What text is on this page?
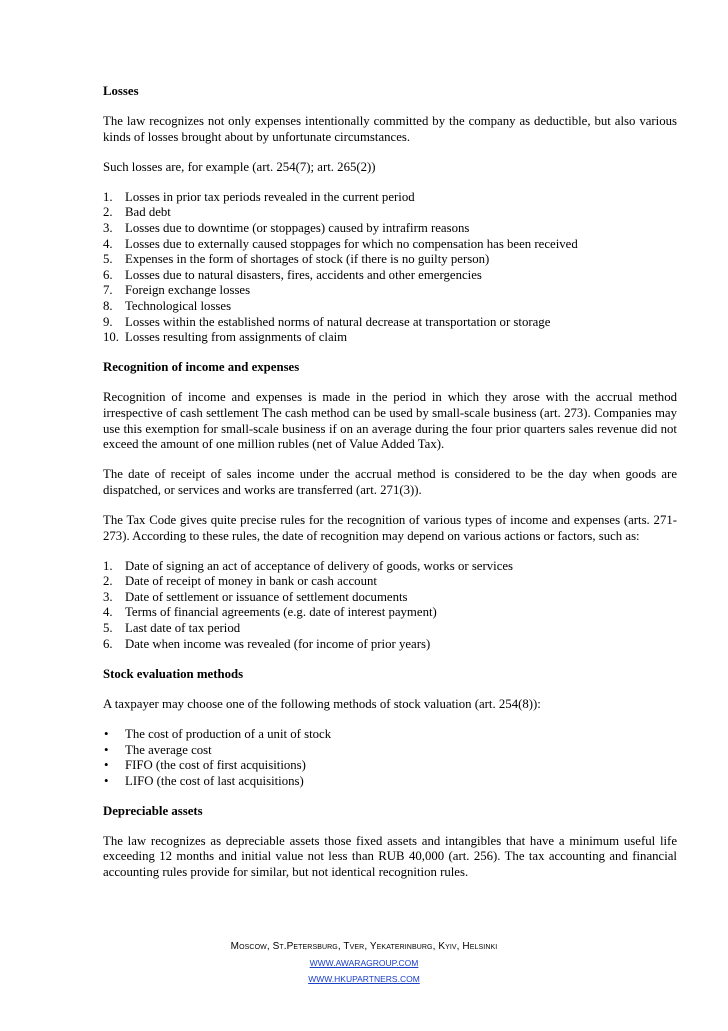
Losses

The law recognizes not only expenses intentionally committed by the company as deductible, but also various kinds of losses brought about by unfortunate circumstances.

Such losses are, for example (art. 254(7); art. 265(2))

1. Losses in prior tax periods revealed in the current period
2. Bad debt
3. Losses due to downtime (or stoppages) caused by intrafirm reasons
4. Losses due to externally caused stoppages for which no compensation has been received
5. Expenses in the form of shortages of stock (if there is no guilty person)
6. Losses due to natural disasters, fires, accidents and other emergencies
7. Foreign exchange losses
8. Technological losses
9. Losses within the established norms of natural decrease at transportation or storage
10. Losses resulting from assignments of claim
Recognition of income and expenses

Recognition of income and expenses is made in the period in which they arose with the accrual method irrespective of cash settlement The cash method can be used by small-scale business (art. 273). Companies may use this exemption for small-scale business if on an average during the four prior quarters sales revenue did not exceed the amount of one million rubles (net of Value Added Tax).

The date of receipt of sales income under the accrual method is considered to be the day when goods are dispatched, or services and works are transferred (art. 271(3)).

The Tax Code gives quite precise rules for the recognition of various types of income and expenses (arts. 271-273). According to these rules, the date of recognition may depend on various actions or factors, such as:

1. Date of signing an act of acceptance of delivery of goods, works or services
2. Date of receipt of money in bank or cash account
3. Date of settlement or issuance of settlement documents
4. Terms of financial agreements (e.g. date of interest payment)
5. Last date of tax period
6. Date when income was revealed (for income of prior years)
Stock evaluation methods

A taxpayer may choose one of the following methods of stock valuation (art. 254(8)):

• The cost of production of a unit of stock
• The average cost
• FIFO (the cost of first acquisitions)
• LIFO (the cost of last acquisitions)
Depreciable assets

The law recognizes as depreciable assets those fixed assets and intangibles that have a minimum useful life exceeding 12 months and initial value not less than RUB 40,000 (art. 256). The tax accounting and financial accounting rules provide for similar, but not identical recognition rules.

Moscow, St.Petersburg, Tver, Yekaterinburg, Kyiv, Helsinki
WWW.AWARAGROUP.COM
WWW.HKUPARTNERS.COM
